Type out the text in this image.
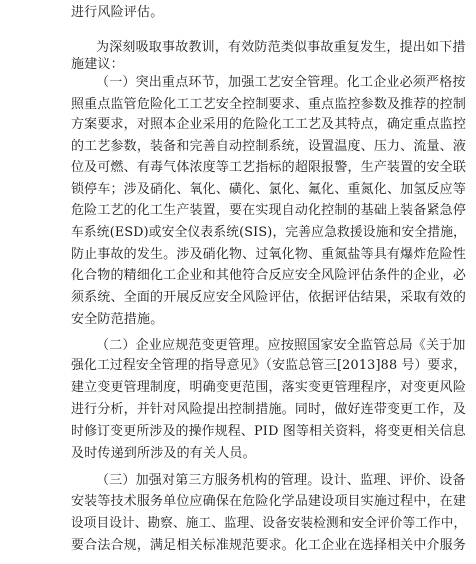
进行风险评估。
为深刻吸取事故教训，有效防范类似事故重复发生，提出如下措
施建议：
（一）突出重点环节，加强工艺安全管理。化工企业必须严格按
照重点监管危险化工工艺安全控制要求、重点监控参数及推荐的控制
方案要求，对照本企业采用的危险化工工艺及其特点，确定重点监控
的工艺参数，装备和完善自动控制系统，设置温度、压力、流量、液
位及可燃、有毒气体浓度等工艺指标的超限报警，生产装置的安全联
锁停车；涉及硝化、氧化、磺化、氯化、氟化、重氮化、加氢反应等
危险工艺的化工生产装置，要在实现自动化控制的基础上装备紧急停
车系统(ESD)或安全仪表系统(SIS)，完善应急救援设施和安全措施，
防止事故的发生。涉及硝化物、过氧化物、重氮盐等具有爆炸危险性
化合物的精细化工企业和其他符合反应安全风险评估条件的企业，必
须系统、全面的开展反应安全风险评估，依据评估结果，采取有效的
安全防范措施。
（二）企业应规范变更管理。应按照国家安全监管总局《关于加
强化工过程安全管理的指导意见》（安监总管三[2013]88 号）要求，
建立变更管理制度，明确变更范围，落实变更管理程序，对变更风险
进行分析，并针对风险提出控制措施。同时，做好连带变更工作，及
时修订变更所涉及的操作规程、PID 图等相关资料，将变更相关信息
及时传递到所涉及的有关人员。
（三）加强对第三方服务机构的管理。设计、监理、评价、设备
安装等技术服务单位应确保在危险化学品建设项目实施过程中，在建
设项目设计、勘察、施工、监理、设备安装检测和安全评价等工作中，
要合法合规，满足相关标准规范要求。化工企业在选择相关中介服务
